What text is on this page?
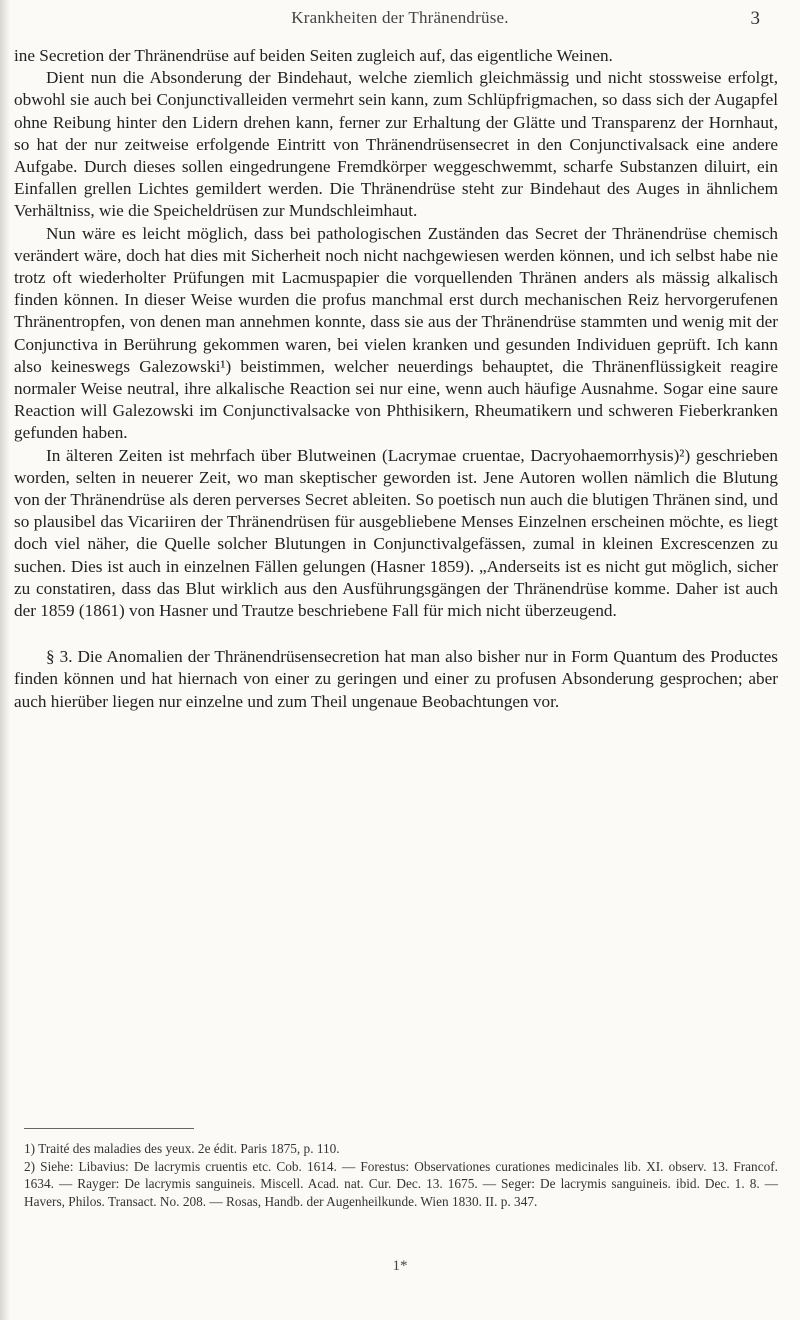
Krankheiten der Thränendrüse.	3

ine Secretion der Thränendrüse auf beiden Seiten zugleich auf, das eigentliche Weinen.

Dient nun die Absonderung der Bindehaut, welche ziemlich gleichmässig und nicht stossweise erfolgt, obwohl sie auch bei Conjunctivalleiden vermehrt sein kann, zum Schlüpfrigmachen, so dass sich der Augapfel ohne Reibung hinter den Lidern drehen kann, ferner zur Erhaltung der Glätte und Transparenz der Hornhaut, so hat der nur zeitweise erfolgende Eintritt von Thränendrüsensecret in den Conjunctivalsack eine andere Aufgabe. Durch dieses sollen eingedrungene Fremdkörper weggeschwemmt, scharfe Substanzen diluirt, ein Einfallen grellen Lichtes gemildert werden. Die Thränendrüse steht zur Bindehaut des Auges in ähnlichem Verhältniss, wie die Speicheldrüsen zur Mundschleimhaut.

Nun wäre es leicht möglich, dass bei pathologischen Zuständen das Secret der Thränendrüse chemisch verändert wäre, doch hat dies mit Sicherheit noch nicht nachgewiesen werden können, und ich selbst habe nie trotz oft wiederholter Prüfungen mit Lacmuspapier die vorquellenden Thränen anders als mässig alkalisch finden können. In dieser Weise wurden die profus manchmal erst durch mechanischen Reiz hervorgerufenen Thränentropfen, von denen man annehmen konnte, dass sie aus der Thränendrüse stammten und wenig mit der Conjunctiva in Berührung gekommen waren, bei vielen kranken und gesunden Individuen geprüft. Ich kann also keineswegs Galezowski¹) beistimmen, welcher neuerdings behauptet, die Thränenflüssigkeit reagire normaler Weise neutral, ihre alkalische Reaction sei nur eine, wenn auch häufige Ausnahme. Sogar eine saure Reaction will Galezowski im Conjunctivalsacke von Phthisikern, Rheumatikern und schweren Fieberkranken gefunden haben.

In älteren Zeiten ist mehrfach über Blutweinen (Lacrymae cruentae, Dacryohaemorrhysis)²) geschrieben worden, selten in neuerer Zeit, wo man skeptischer geworden ist. Jene Autoren wollen nämlich die Blutung von der Thränendrüse als deren perverses Secret ableiten. So poetisch nun auch die blutigen Thränen sind, und so plausibel das Vicariiren der Thränendrüsen für ausgebliebene Menses Einzelnen erscheinen möchte, es liegt doch viel näher, die Quelle solcher Blutungen in Conjunctivalgefässen, zumal in kleinen Excrescenzen zu suchen. Dies ist auch in einzelnen Fällen gelungen (Hasner 1859). „Anderseits ist es nicht gut möglich, sicher zu constatiren, dass das Blut wirklich aus den Ausführungsgängen der Thränendrüse komme. Daher ist auch der 1859 (1861) von Hasner und Trautze beschriebene Fall für mich nicht überzeugend.

§ 3. Die Anomalien der Thränendrüsensecretion hat man also bisher nur in Form Quantum des Productes finden können und hat hiernach von einer zu geringen und einer zu profusen Absonderung gesprochen; aber auch hierüber liegen nur einzelne und zum Theil ungenaue Beobachtungen vor.

1) Traité des maladies des yeux. 2e édit. Paris 1875, p. 110.

2) Siehe: Libavius: De lacrymis cruentis etc. Cob. 1614. — Forestus: Observationes curationes medicinales lib. XI. observ. 13. Francof. 1634. — Rayger: De lacrymis sanguineis. Miscell. Acad. nat. Cur. Dec. 13. 1675. — Seger: De lacrymis sanguineis. ibid. Dec. 1. 8. — Havers, Philos. Transact. No. 208. — Rosas, Handb. der Augenheilkunde. Wien 1830. II. p. 347.

1*
